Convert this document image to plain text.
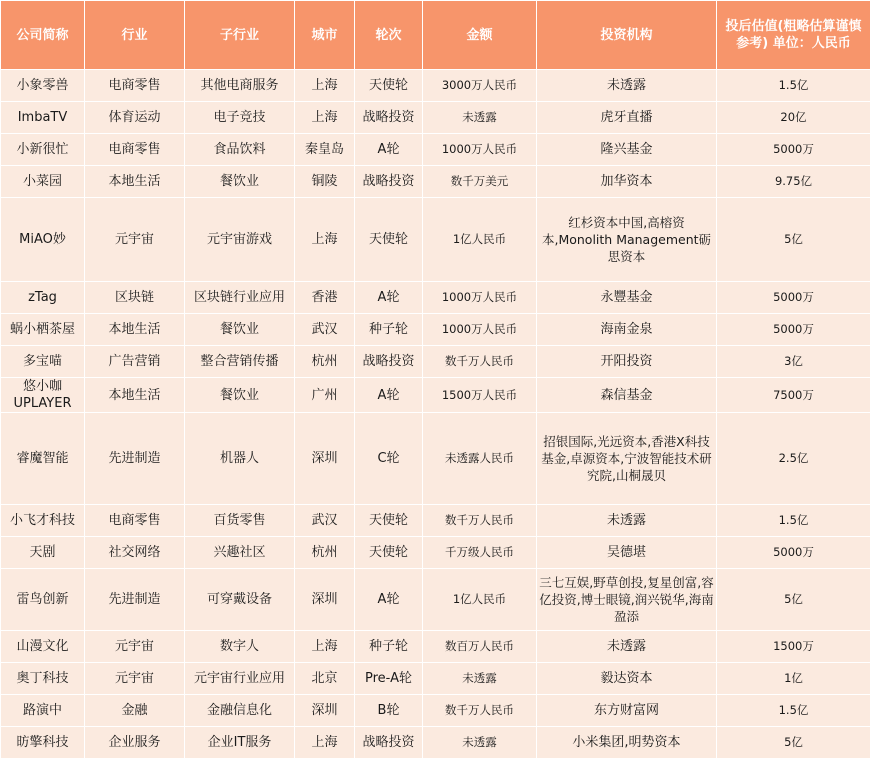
公司简称	行业	子行业	城市	轮次	金额	投资机构	投后估值(粗略估算谨慎参考) 单位：人民币
小象零兽	电商零售	其他电商服务	上海	天使轮	3000万人民币	未透露	1.5亿
ImbaTV	体育运动	电子竞技	上海	战略投资	未透露	虎牙直播	20亿
小新很忙	电商零售	食品饮料	秦皇岛	A轮	1000万人民币	隆兴基金	5000万
小菜园	本地生活	餐饮业	铜陵	战略投资	数千万美元	加华资本	9.75亿
MiAO妙	元宇宙	元宇宙游戏	上海	天使轮	1亿人民币	红杉资本中国,高榕资本,Monolith Management砺思资本	5亿
zTag	区块链	区块链行业应用	香港	A轮	1000万人民币	永豐基金	5000万
蜗小栖茶屋	本地生活	餐饮业	武汉	种子轮	1000万人民币	海南金泉	5000万
多宝喵	广告营销	整合营销传播	杭州	战略投资	数千万人民币	开阳投资	3亿
悠小咖UPLAYER	本地生活	餐饮业	广州	A轮	1500万人民币	森信基金	7500万
睿魔智能	先进制造	机器人	深圳	C轮	未透露人民币	招银国际,光远资本,香港X科技基金,卓源资本,宁波智能技术研究院,山桐晟贝	2.5亿
小飞才科技	电商零售	百货零售	武汉	天使轮	数千万人民币	未透露	1.5亿
天剧	社交网络	兴趣社区	杭州	天使轮	千万级人民币	吴德堪	5000万
雷鸟创新	先进制造	可穿戴设备	深圳	A轮	1亿人民币	三七互娱,野草创投,复星创富,容亿投资,博士眼镜,润兴锐华,海南盈添	5亿
山漫文化	元宇宙	数字人	上海	种子轮	数百万人民币	未透露	1500万
奥丁科技	元宇宙	元宇宙行业应用	北京	Pre-A轮	未透露	毅达资本	1亿
路演中	金融	金融信息化	深圳	B轮	数千万人民币	东方财富网	1.5亿
昉擎科技	企业服务	企业IT服务	上海	战略投资	未透露	小米集团,明势资本	5亿
